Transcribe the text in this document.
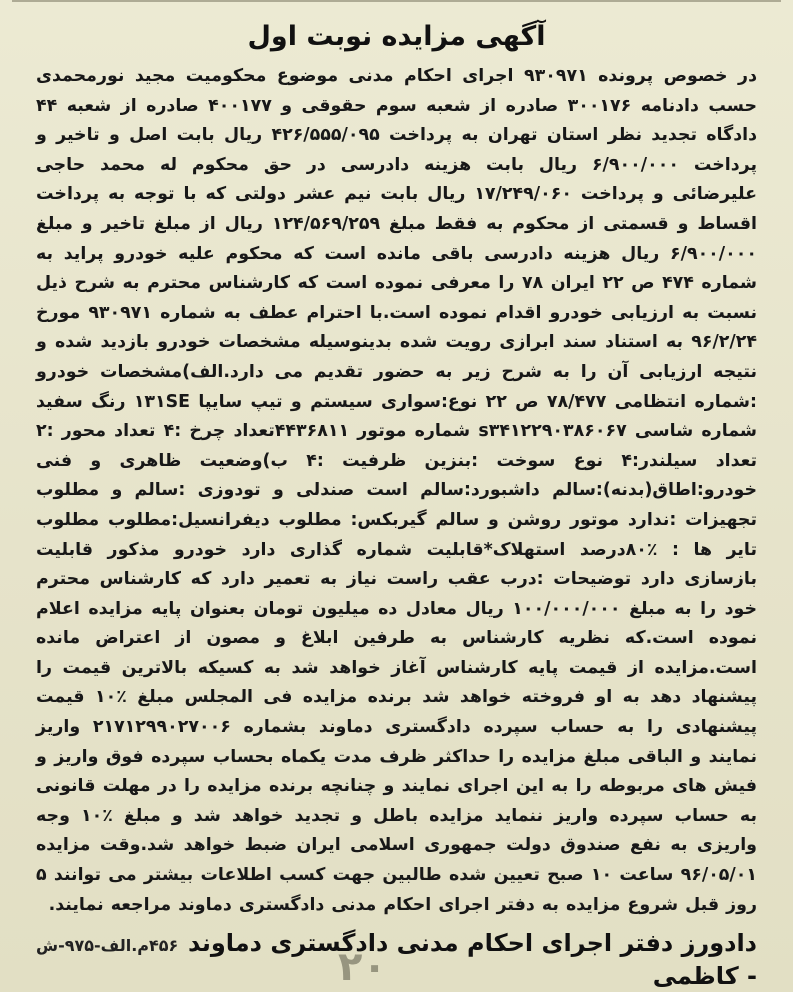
آگهی مزایده نوبت اول
در خصوص پرونده ۹۳۰۹۷۱ اجرای احکام مدنی موضوع محکومیت مجید نورمحمدی حسب دادنامه ۳۰۰۱۷۶ صادره از شعبه سوم حقوقی و ۴۰۰۱۷۷ صادره از شعبه ۴۴ دادگاه تجدید نظر استان تهران به پرداخت ۴۲۶/۵۵۵/۰۹۵ ریال بابت اصل و تاخیر و پرداخت ۶/۹۰۰/۰۰۰ ریال بابت هزینه دادرسی در حق محکوم له محمد حاجی علیرضائی و پرداخت ۱۷/۲۴۹/۰۶۰ ریال بابت نیم عشر دولتی که با توجه به پرداخت اقساط و قسمتی از محکوم به فقط مبلغ ۱۲۴/۵۶۹/۲۵۹ ریال از مبلغ تاخیر و مبلغ ۶/۹۰۰/۰۰۰ ریال هزینه دادرسی باقی مانده است که محکوم علیه خودرو پراید به شماره ۴۷۴ ص ۲۲ ایران ۷۸ را معرفی نموده است که کارشناس محترم به شرح ذیل نسبت به ارزیابی خودرو اقدام نموده است.با احترام عطف به شماره ۹۳۰۹۷۱ مورخ ۹۶/۲/۲۴ به استناد سند ابرازی رویت شده بدینوسیله مشخصات خودرو بازدید شده و نتیجه ارزیابی آن را به شرح زیر به حضور تقدیم می دارد.الف)مشخصات خودرو :شماره انتظامی ۷۸/۴۷۷ ص ۲۲ نوع:سواری سیستم و تیپ سایپا ۱۳۱SE رنگ سفید شماره شاسی s۳۴۱۲۲۹۰۳۸۶۰۶۷ شماره موتور ۴۴۳۶۸۱۱تعداد چرخ :۴ تعداد محور :۲ تعداد سیلندر:۴ نوع سوخت :بنزین ظرفیت :۴ ب)وضعیت ظاهری و فنی خودرو:اطاق(بدنه):سالم داشبورد:سالم است صندلی و تودوزی :سالم و مطلوب تجهیزات :ندارد موتور روشن و سالم گیربکس: مطلوب دیفرانسیل:مطلوب مطلوب تایر ها : ٪۸۰درصد استهلاک*قابلیت شماره گذاری دارد خودرو مذکور قابلیت بازسازی دارد توضیحات :درب عقب راست نیاز به تعمیر دارد که کارشناس محترم خود را به مبلغ ۱۰۰/۰۰۰/۰۰۰ ریال معادل ده میلیون تومان بعنوان پایه مزایده اعلام نموده است.که نظریه کارشناس به طرفین ابلاغ و مصون از اعتراض مانده است.مزایده از قیمت پایه کارشناس آغاز خواهد شد به کسیکه بالاترین قیمت را پیشنهاد دهد به او فروخته خواهد شد برنده مزایده فی المجلس مبلغ ٪۱۰ قیمت پیشنهادی را به حساب سپرده دادگستری دماوند بشماره ۲۱۷۱۲۹۹۰۲۷۰۰۶ واریز نمایند و الباقی مبلغ مزایده را حداکثر ظرف مدت یکماه بحساب سپرده فوق واریز و فیش های مربوطه را به این اجرای نمایند و چنانچه برنده مزایده را در مهلت قانونی به حساب سپرده واریز ننماید مزایده باطل و تجدید خواهد شد و مبلغ ٪۱۰ وجه واریزی به نفع صندوق دولت جمهوری اسلامی ایران ضبط خواهد شد.وقت مزایده ۹۶/۰۵/۰۱ ساعت ۱۰ صبح تعیین شده طالبین جهت کسب اطلاعات بیشتر می توانند ۵ روز قبل شروع مزایده به دفتر اجرای احکام مدنی دادگستری دماوند مراجعه نمایند.
دادورز دفتر اجرای احکام مدنی دادگستری دماوند
۴۵۶م.الف-۹۷۵-ش
- کاظمی
۲۰
